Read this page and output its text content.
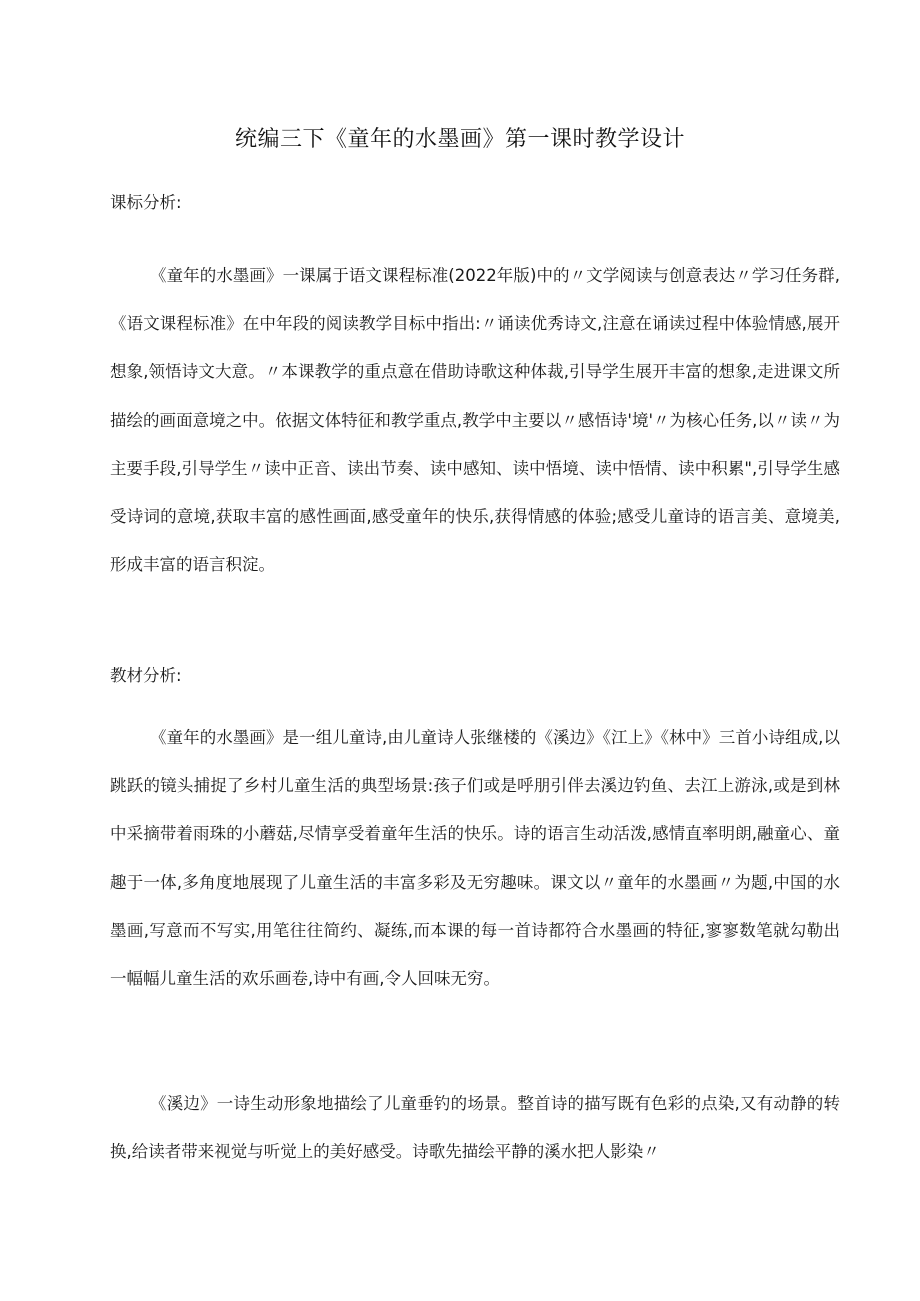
统编三下《童年的水墨画》第一课时教学设计

课标分析:

《童年的水墨画》一课属于语文课程标准(2022年版)中的〃文学阅读与创意表达〃学习任务群,《语文课程标准》在中年段的阅读教学目标中指出:〃诵读优秀诗文,注意在诵读过程中体验情感,展开想象,领悟诗文大意。〃本课教学的重点意在借助诗歌这种体裁,引导学生展开丰富的想象,走进课文所描绘的画面意境之中。依据文体特征和教学重点,教学中主要以〃感悟诗'境'〃为核心任务,以〃读〃为主要手段,引导学生〃读中正音、读出节奏、读中感知、读中悟境、读中悟情、读中积累",引导学生感受诗词的意境,获取丰富的感性画面,感受童年的快乐,获得情感的体验;感受儿童诗的语言美、意境美,形成丰富的语言积淀。

教材分析:

《童年的水墨画》是一组儿童诗,由儿童诗人张继楼的《溪边》《江上》《林中》三首小诗组成,以跳跃的镜头捕捉了乡村儿童生活的典型场景:孩子们或是呼朋引伴去溪边钓鱼、去江上游泳,或是到林中采摘带着雨珠的小蘑菇,尽情享受着童年生活的快乐。诗的语言生动活泼,感情直率明朗,融童心、童趣于一体,多角度地展现了儿童生活的丰富多彩及无穷趣味。课文以〃童年的水墨画〃为题,中国的水墨画,写意而不写实,用笔往往简约、凝练,而本课的每一首诗都符合水墨画的特征,寥寥数笔就勾勒出一幅幅儿童生活的欢乐画卷,诗中有画,令人回味无穷。

《溪边》一诗生动形象地描绘了儿童垂钓的场景。整首诗的描写既有色彩的点染,又有动静的转换,给读者带来视觉与听觉上的美好感受。诗歌先描绘平静的溪水把人影染〃
